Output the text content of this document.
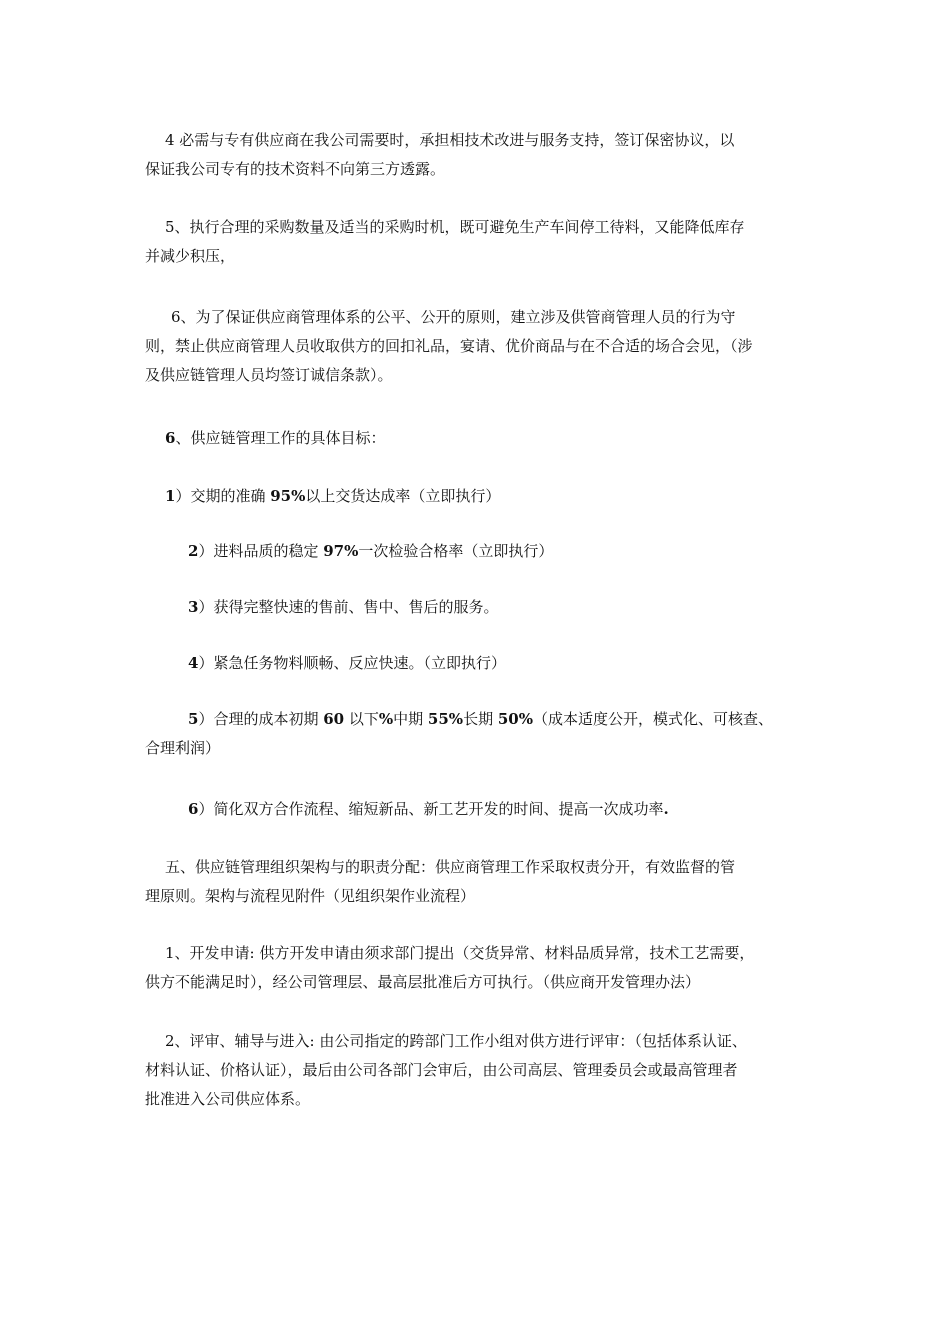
4 必需与专有供应商在我公司需要时，承担相技术改进与服务支持，签订保密协议，以
保证我公司专有的技术资料不向第三方透露。
5、执行合理的采购数量及适当的采购时机，既可避免生产车间停工待料，又能降低库存
并减少积压，
6、为了保证供应商管理体系的公平、公开的原则，建立涉及供管商管理人员的行为守
则，禁止供应商管理人员收取供方的回扣礼品，宴请、优价商品与在不合适的场合会见，（涉
及供应链管理人员均签订诚信条款）。
6、供应链管理工作的具体目标：
1）交期的准确 95%以上交货达成率（立即执行）
2）进料品质的稳定 97%一次检验合格率（立即执行）
3）获得完整快速的售前、售中、售后的服务。
4）紧急任务物料顺畅、反应快速。（立即执行）
5）合理的成本初期 60 以下%中期 55%长期 50%（成本适度公开，模式化、可核查、
合理利润）
6）简化双方合作流程、缩短新品、新工艺开发的时间、提高一次成功率.
五、供应链管理组织架构与的职责分配：供应商管理工作采取权责分开，有效监督的管
理原则。架构与流程见附件（见组织架作业流程）
1、开发申请: 供方开发申请由须求部门提出（交货异常、材料品质异常，技术工艺需要，
供方不能满足时），经公司管理层、最高层批准后方可执行。（供应商开发管理办法）
2、评审、辅导与进入: 由公司指定的跨部门工作小组对供方进行评审：（包括体系认证、
材料认证、价格认证），最后由公司各部门会审后，由公司高层、管理委员会或最高管理者
批准进入公司供应体系。
